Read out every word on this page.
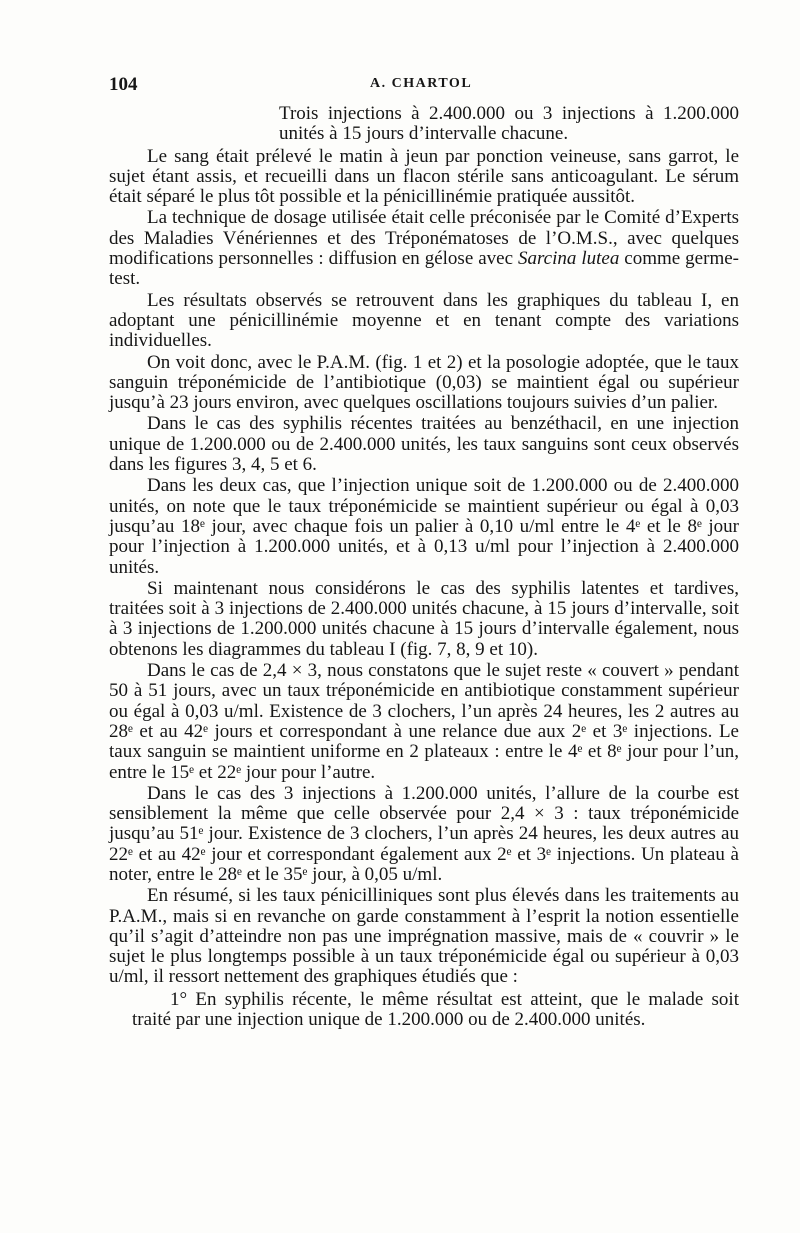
104	A. CHARTOL

Trois injections à 2.400.000 ou 3 injections à 1.200.000 unités à 15 jours d’intervalle chacune.

Le sang était prélevé le matin à jeun par ponction veineuse, sans garrot, le sujet étant assis, et recueilli dans un flacon stérile sans anticoagulant. Le sérum était séparé le plus tôt possible et la pénicillinémie pratiquée aussitôt.

La technique de dosage utilisée était celle préconisée par le Comité d’Experts des Maladies Vénériennes et des Tréponématoses de l’O.M.S., avec quelques modifications personnelles : diffusion en gélose avec Sarcina lutea comme germe-test.

Les résultats observés se retrouvent dans les graphiques du tableau I, en adoptant une pénicillinémie moyenne et en tenant compte des variations individuelles.

On voit donc, avec le P.A.M. (fig. 1 et 2) et la posologie adoptée, que le taux sanguin tréponémicide de l’antibiotique (0,03) se maintient égal ou supérieur jusqu’à 23 jours environ, avec quelques oscillations toujours suivies d’un palier.

Dans le cas des syphilis récentes traitées au benzéthacil, en une injection unique de 1.200.000 ou de 2.400.000 unités, les taux sanguins sont ceux observés dans les figures 3, 4, 5 et 6.

Dans les deux cas, que l’injection unique soit de 1.200.000 ou de 2.400.000 unités, on note que le taux tréponémicide se maintient supérieur ou égal à 0,03 jusqu’au 18ᵉ jour, avec chaque fois un palier à 0,10 u/ml entre le 4ᵉ et le 8ᵉ jour pour l’injection à 1.200.000 unités, et à 0,13 u/ml pour l’injection à 2.400.000 unités.

Si maintenant nous considérons le cas des syphilis latentes et tardives, traitées soit à 3 injections de 2.400.000 unités chacune, à 15 jours d’intervalle, soit à 3 injections de 1.200.000 unités chacune à 15 jours d’intervalle également, nous obtenons les diagrammes du tableau I (fig. 7, 8, 9 et 10).

Dans le cas de 2,4 × 3, nous constatons que le sujet reste « couvert » pendant 50 à 51 jours, avec un taux tréponémicide en antibiotique constamment supérieur ou égal à 0,03 u/ml. Existence de 3 clochers, l’un après 24 heures, les 2 autres au 28ᵉ et au 42ᵉ jours et correspondant à une relance due aux 2ᵉ et 3ᵉ injections. Le taux sanguin se maintient uniforme en 2 plateaux : entre le 4ᵉ et 8ᵉ jour pour l’un, entre le 15ᵉ et 22ᵉ jour pour l’autre.

Dans le cas des 3 injections à 1.200.000 unités, l’allure de la courbe est sensiblement la même que celle observée pour 2,4 × 3 : taux tréponémicide jusqu’au 51ᵉ jour. Existence de 3 clochers, l’un après 24 heures, les deux autres au 22ᵉ et au 42ᵉ jour et correspondant également aux 2ᵉ et 3ᵉ injections. Un plateau à noter, entre le 28ᵉ et le 35ᵉ jour, à 0,05 u/ml.

En résumé, si les taux pénicilliniques sont plus élevés dans les traitements au P.A.M., mais si en revanche on garde constamment à l’esprit la notion essentielle qu’il s’agit d’atteindre non pas une imprégnation massive, mais de « couvrir » le sujet le plus longtemps possible à un taux tréponémicide égal ou supérieur à 0,03 u/ml, il ressort nettement des graphiques étudiés que :

1° En syphilis récente, le même résultat est atteint, que le malade soit traité par une injection unique de 1.200.000 ou de 2.400.000 unités.
